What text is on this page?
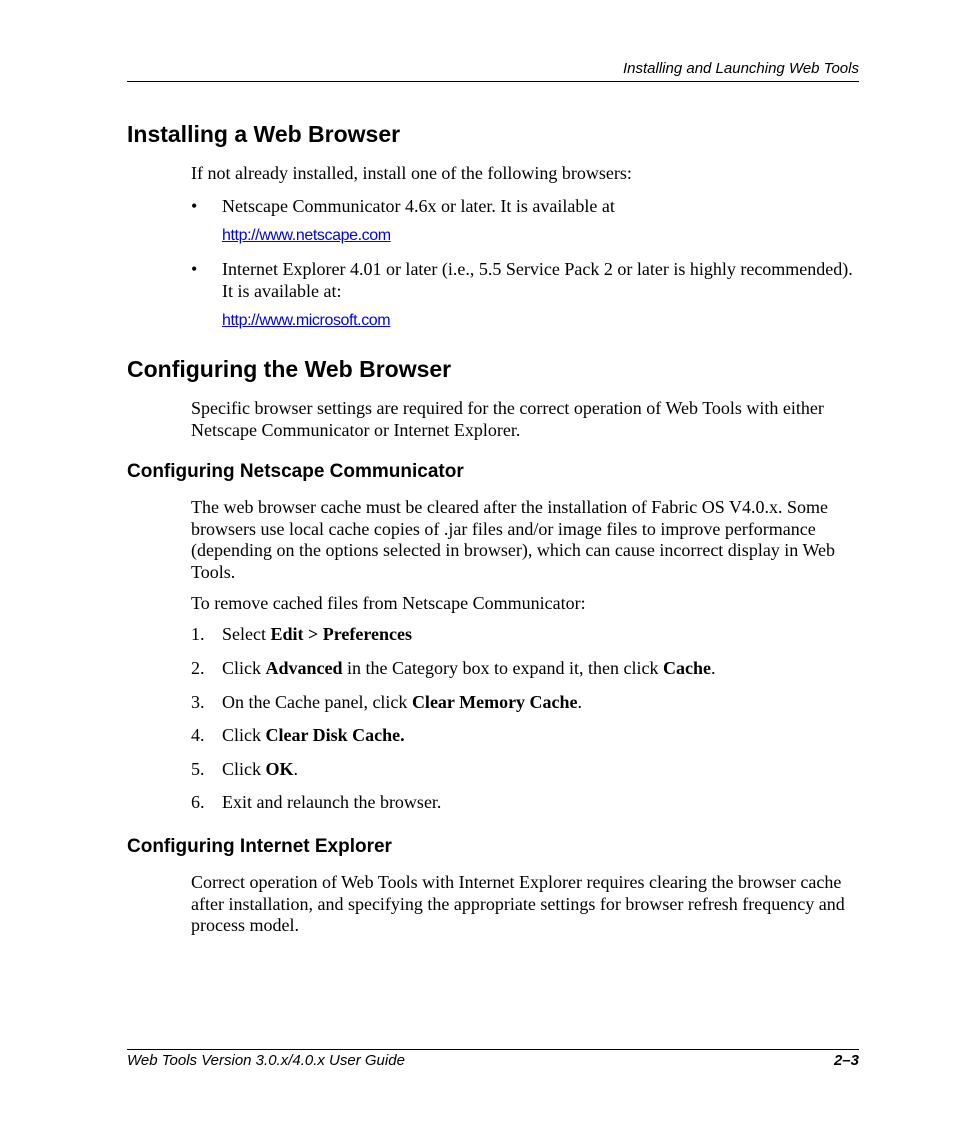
Installing and Launching Web Tools
Installing a Web Browser

If not already installed, install one of the following browsers:

• Netscape Communicator 4.6x or later. It is available at
http://www.netscape.com
• Internet Explorer 4.01 or later (i.e., 5.5 Service Pack 2 or later is highly recommended). It is available at:
http://www.microsoft.com
Configuring the Web Browser

Specific browser settings are required for the correct operation of Web Tools with either Netscape Communicator or Internet Explorer.

Configuring Netscape Communicator

The web browser cache must be cleared after the installation of Fabric OS V4.0.x. Some browsers use local cache copies of .jar files and/or image files to improve performance (depending on the options selected in browser), which can cause incorrect display in Web Tools.

To remove cached files from Netscape Communicator:

1. Select Edit > Preferences
2. Click Advanced in the Category box to expand it, then click Cache.
3. On the Cache panel, click Clear Memory Cache.
4. Click Clear Disk Cache.
5. Click OK.
6. Exit and relaunch the browser.
Configuring Internet Explorer

Correct operation of Web Tools with Internet Explorer requires clearing the browser cache after installation, and specifying the appropriate settings for browser refresh frequency and process model.

Web Tools Version 3.0.x/4.0.x User Guide	2–3
